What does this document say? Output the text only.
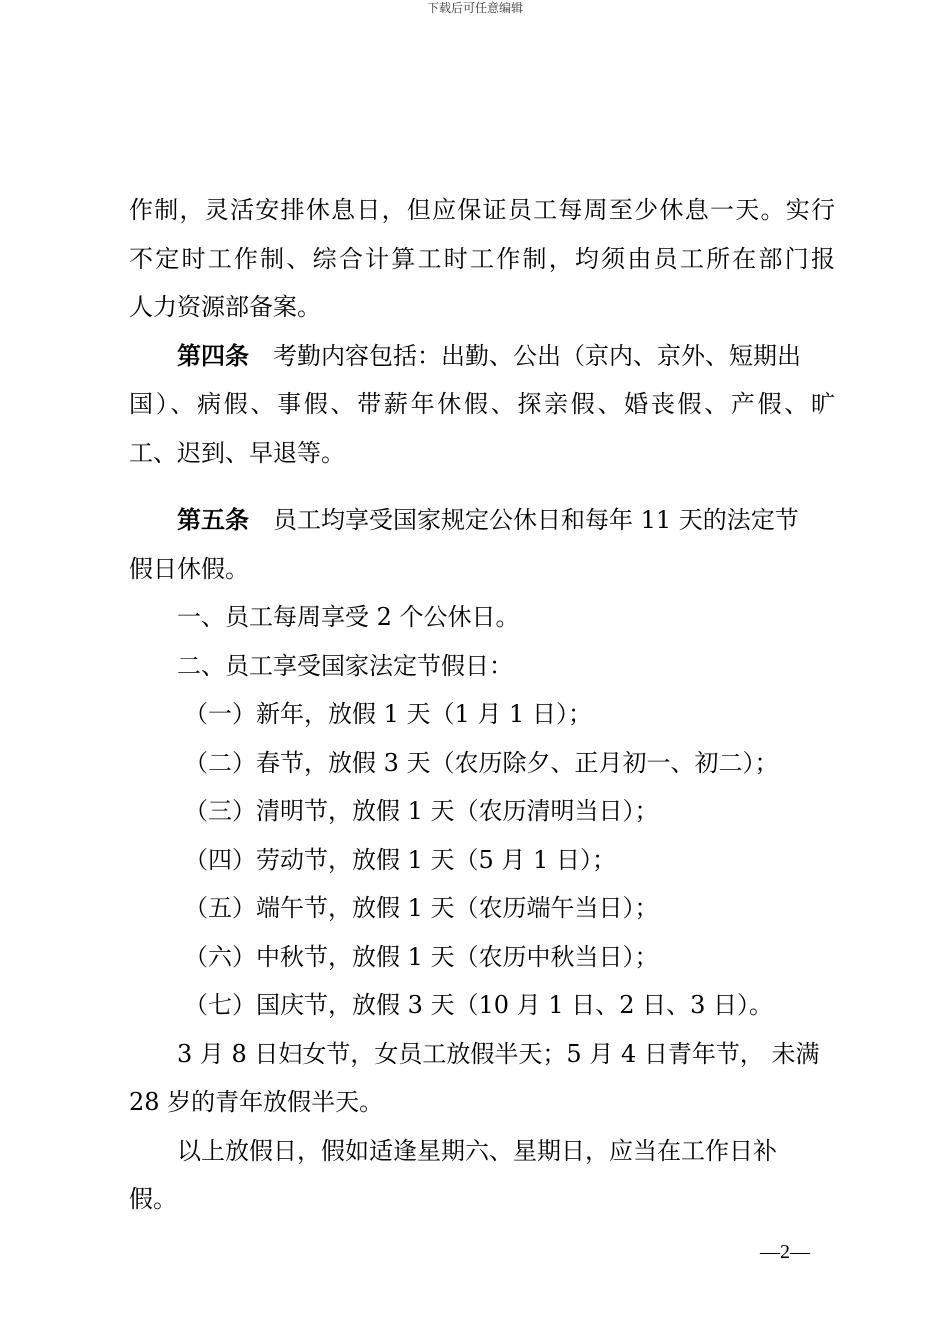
下载后可任意编辑
作制，灵活安排休息日，但应保证员工每周至少休息一天。实行
不定时工作制、综合计算工时工作制，均须由员工所在部门报
人力资源部备案。
第四条　 考勤内容包括：出勤、公出（京内、京外、短期出
国）、病假、事假、带薪年休假、探亲假、婚丧假、产假、旷
工、迟到、早退等。
第五条　 员工均享受国家规定公休日和每年 11 天的法定节
假日休假。
一、员工每周享受 2 个公休日。
二、员工享受国家法定节假日：
（一）新年，放假 1 天（1 月 1 日）；
（二）春节，放假 3 天（农历除夕、正月初一、初二）；
（三）清明节，放假 1 天（农历清明当日）；
（四）劳动节，放假 1 天（5 月 1 日）；
（五）端午节，放假 1 天（农历端午当日）；
（六）中秋节，放假 1 天（农历中秋当日）；
（七）国庆节，放假 3 天（10 月 1 日、2 日、3 日）。
3 月 8 日妇女节，女员工放假半天；5 月 4 日青年节， 未满
28 岁的青年放假半天。
以上放假日，假如适逢星期六、星期日，应当在工作日补
假。
—2—
